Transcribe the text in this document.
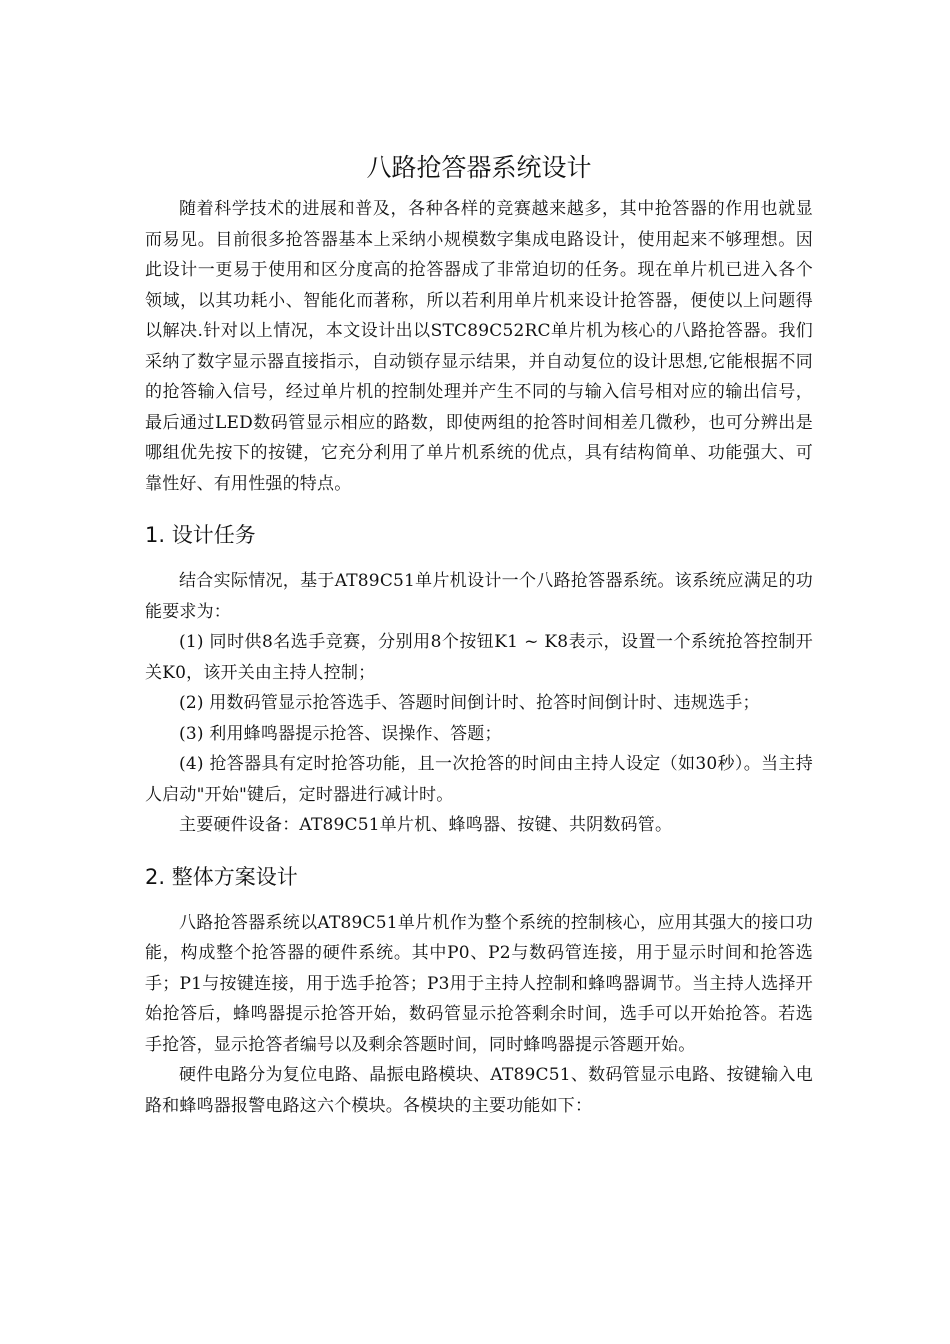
八路抢答器系统设计

随着科学技术的进展和普及，各种各样的竞赛越来越多，其中抢答器的作用也就显而易见。目前很多抢答器基本上采纳小规模数字集成电路设计，使用起来不够理想。因此设计一更易于使用和区分度高的抢答器成了非常迫切的任务。现在单片机已进入各个领域，以其功耗小、智能化而著称，所以若利用单片机来设计抢答器，便使以上问题得以解决.针对以上情况，本文设计出以STC89C52RC单片机为核心的八路抢答器。我们采纳了数字显示器直接指示，自动锁存显示结果，并自动复位的设计思想,它能根据不同的抢答输入信号，经过单片机的控制处理并产生不同的与输入信号相对应的输出信号，最后通过LED数码管显示相应的路数，即使两组的抢答时间相差几微秒，也可分辨出是哪组优先按下的按键，它充分利用了单片机系统的优点，具有结构简单、功能强大、可靠性好、有用性强的特点。

1. 设计任务

结合实际情况，基于AT89C51单片机设计一个八路抢答器系统。该系统应满足的功能要求为：

(1) 同时供8名选手竞赛，分别用8个按钮K1 ~ K8表示，设置一个系统抢答控制开关K0，该开关由主持人控制；

(2) 用数码管显示抢答选手、答题时间倒计时、抢答时间倒计时、违规选手；

(3) 利用蜂鸣器提示抢答、误操作、答题；

(4) 抢答器具有定时抢答功能，且一次抢答的时间由主持人设定（如30秒）。当主持人启动"开始"键后，定时器进行减计时。

主要硬件设备：AT89C51单片机、蜂鸣器、按键、共阴数码管。

2. 整体方案设计

八路抢答器系统以AT89C51单片机作为整个系统的控制核心，应用其强大的接口功能，构成整个抢答器的硬件系统。其中P0、P2与数码管连接，用于显示时间和抢答选手；P1与按键连接，用于选手抢答；P3用于主持人控制和蜂鸣器调节。当主持人选择开始抢答后，蜂鸣器提示抢答开始，数码管显示抢答剩余时间，选手可以开始抢答。若选手抢答，显示抢答者编号以及剩余答题时间，同时蜂鸣器提示答题开始。

硬件电路分为复位电路、晶振电路模块、AT89C51、数码管显示电路、按键输入电路和蜂鸣器报警电路这六个模块。各模块的主要功能如下：
